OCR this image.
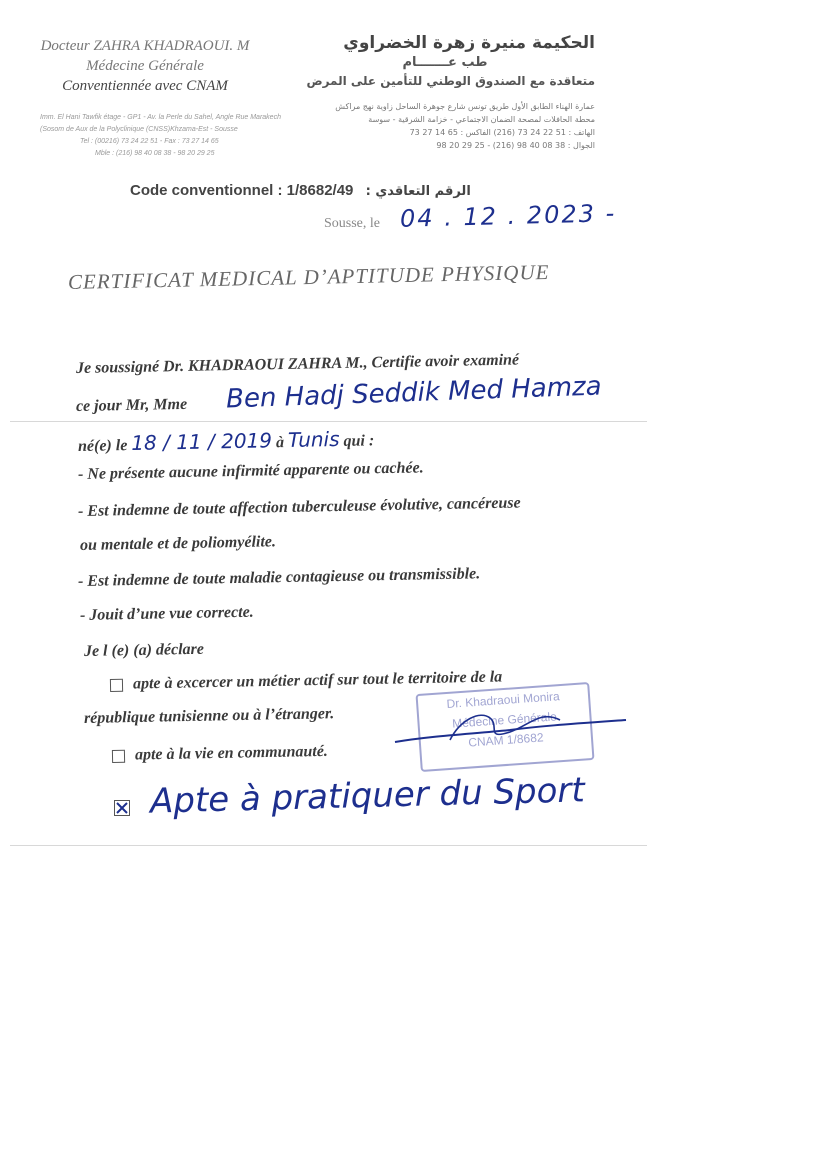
Docteur ZAHRA KHADRAOUI. M
Médecine Générale
Conventiennée avec CNAM
Imm. El Hani Tawfik étage - GP1 - Av. la Perle du Sahel, Angle Rue Marakech
(Sosom de Aux de la Polyclinique (CNSS)Khzama-Est - Sousse
Tel : (00216) 73 24 22 51 - Fax : 73 27 14 65
Mble : (216) 98 40 08 38 - 98 20 29 25
الحكيمة منيرة زهرة الخضراوي
طب عـــــــام
متعاقدة مع الصندوق الوطني للتأمين على المرض
عمارة الهناء الطابق الأول طريق تونس شارع جوهرة الساحل زاوية نهج مراكش
محطة الحافلات لمصحة الضمان الاجتماعي - خزامة الشرقية - سوسة
الهاتف : 51 22 24 73 (216) الفاكس : 65 14 27 73
الجوال : 38 08 40 98 (216) - 25 29 20 98
Code conventionnel : 1/8682/49 : الرقم التعاقدي
Sousse, le 04 . 12 . 2023 -
CERTIFICAT MEDICAL D’APTITUDE PHYSIQUE
Je soussigné Dr. KHADRAOUI ZAHRA M., Certifie avoir examiné
ce jour Mr, Mme Ben Hadj Seddik Med Hamza
né(e) le 18 / 11 / 2019 à Tunis qui :
- Ne présente aucune infirmité apparente ou cachée.
- Est indemne de toute affection tuberculeuse évolutive, cancéreuse
ou mentale et de poliomyélite.
- Est indemne de toute maladie contagieuse ou transmissible.
- Jouit d’une vue correcte.
Je l (e) (a) déclare
apte à excercer un métier actif sur tout le territoire de la
république tunisienne ou à l’étranger.
apte à la vie en communauté.
Dr. Khadraoui Monira
Médecine Générale
CNAM 1/8682
Apte à pratiquer du Sport
